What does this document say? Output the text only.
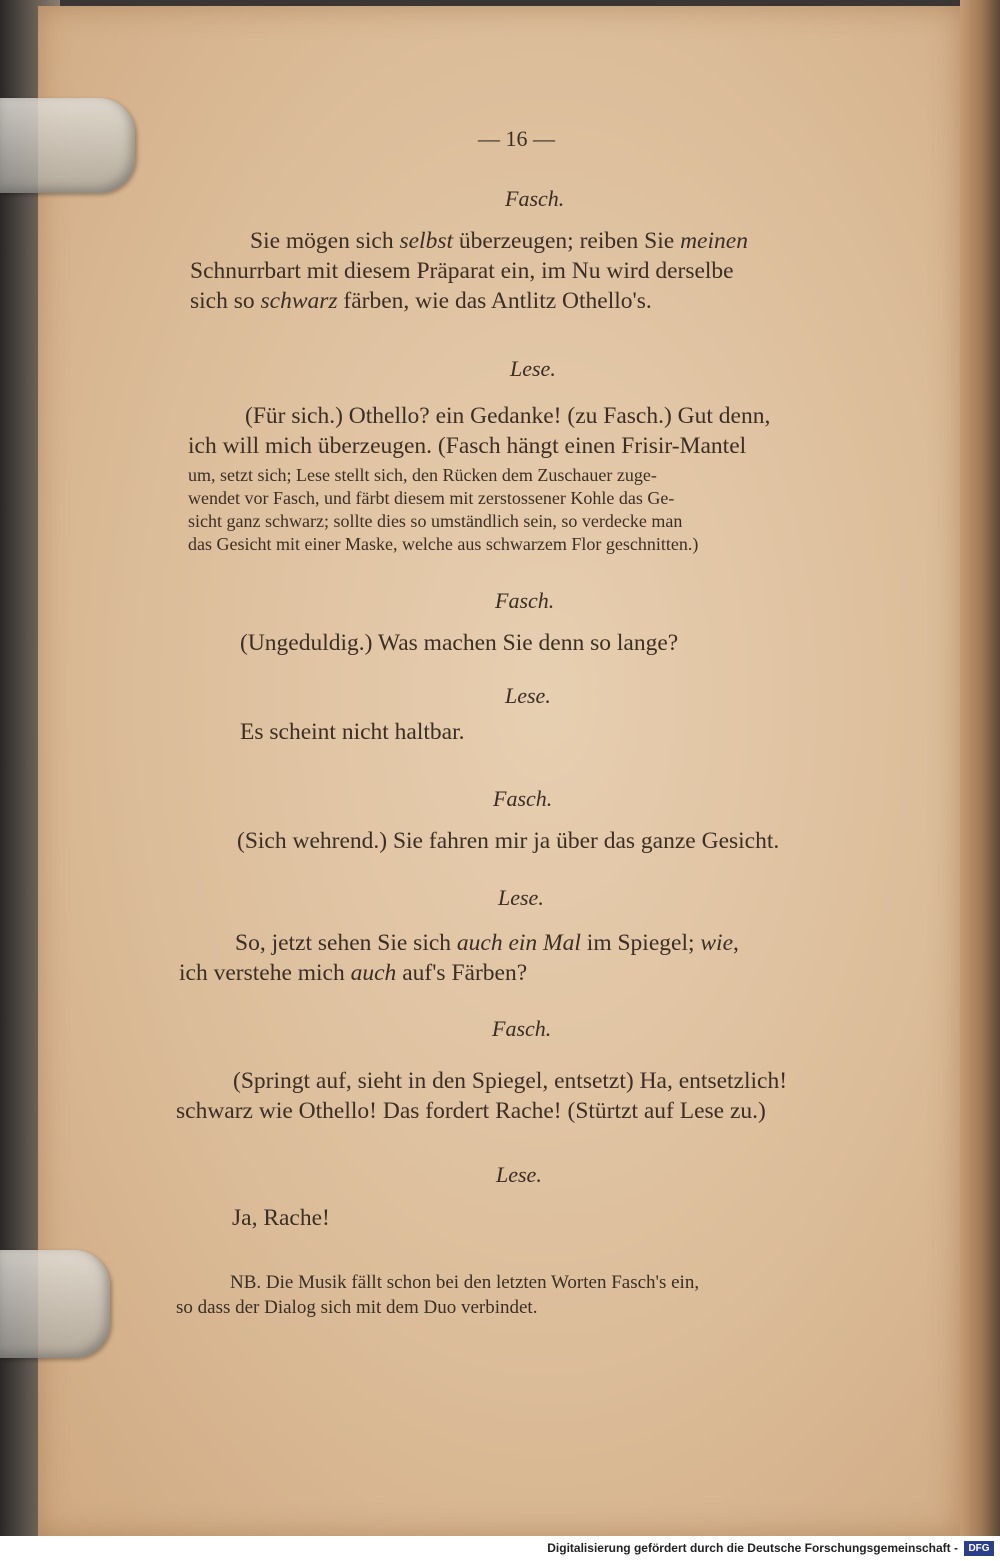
— 16 —
Fasch.
Sie mögen sich selbst überzeugen; reiben Sie meinen
Schnurrbart mit diesem Präparat ein, im Nu wird derselbe
sich so schwarz färben, wie das Antlitz Othello's.
Lese.
(Für sich.) Othello? ein Gedanke! (zu Fasch.) Gut denn,
ich will mich überzeugen. (Fasch hängt einen Frisir-Mantel
um, setzt sich; Lese stellt sich, den Rücken dem Zuschauer zuge-
wendet vor Fasch, und färbt diesem mit zerstossener Kohle das Ge-
sicht ganz schwarz; sollte dies so umständlich sein, so verdecke man
das Gesicht mit einer Maske, welche aus schwarzem Flor geschnitten.)
Fasch.
(Ungeduldig.) Was machen Sie denn so lange?
Lese.
Es scheint nicht haltbar.
Fasch.
(Sich wehrend.) Sie fahren mir ja über das ganze Gesicht.
Lese.
So, jetzt sehen Sie sich auch ein Mal im Spiegel; wie,
ich verstehe mich auch auf's Färben?
Fasch.
(Springt auf, sieht in den Spiegel, entsetzt) Ha, entsetzlich!
schwarz wie Othello! Das fordert Rache! (Stürtzt auf Lese zu.)
Lese.
Ja, Rache!
NB. Die Musik fällt schon bei den letzten Worten Fasch's ein,
so dass der Dialog sich mit dem Duo verbindet.
Digitalisierung gefördert durch die Deutsche Forschungsgemeinschaft -	DFG
